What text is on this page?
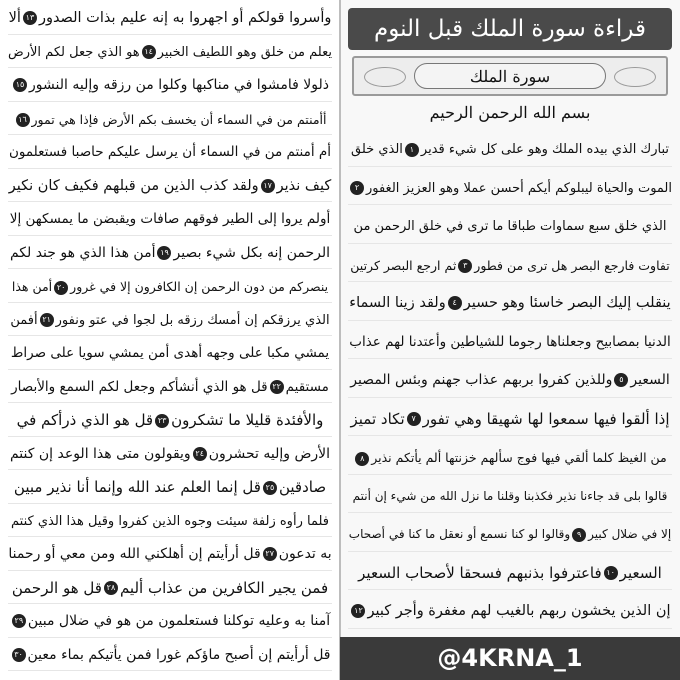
وأسروا قولكم أو اجهروا به إنه عليم بذات الصدور١٣ألا
يعلم من خلق وهو اللطيف الخبير١٤هو الذي جعل لكم الأرض
ذلولا فامشوا في مناكبها وكلوا من رزقه وإليه النشور١٥
أأمنتم من في السماء أن يخسف بكم الأرض فإذا هي تمور١٦
أم أمنتم من في السماء أن يرسل عليكم حاصبا فستعلمون
كيف نذير١٧ولقد كذب الذين من قبلهم فكيف كان نكير
أولم يروا إلى الطير فوقهم صافات ويقبضن ما يمسكهن إلا
الرحمن إنه بكل شيء بصير١٩أمن هذا الذي هو جند لكم
ينصركم من دون الرحمن إن الكافرون إلا في غرور٢٠أمن هذا
الذي يرزقكم إن أمسك رزقه بل لجوا في عتو ونفور٢١أفمن
يمشي مكبا على وجهه أهدى أمن يمشي سويا على صراط
مستقيم٢٢قل هو الذي أنشأكم وجعل لكم السمع والأبصار
والأفئدة قليلا ما تشكرون٢٣قل هو الذي ذرأكم في
الأرض وإليه تحشرون٢٤ويقولون متى هذا الوعد إن كنتم
صادقين٢٥قل إنما العلم عند الله وإنما أنا نذير مبين
فلما رأوه زلفة سيئت وجوه الذين كفروا وقيل هذا الذي كنتم
به تدعون٢٧قل أرأيتم إن أهلكني الله ومن معي أو رحمنا
فمن يجير الكافرين من عذاب أليم٢٨قل هو الرحمن
آمنا به وعليه توكلنا فستعلمون من هو في ضلال مبين٢٩
قل أرأيتم إن أصبح ماؤكم غورا فمن يأتيكم بماء معين٣٠
قراءة سورة الملك قبل النوم
سورة الملك
بسم الله الرحمن الرحيم
تبارك الذي بيده الملك وهو على كل شيء قدير١الذي خلق
الموت والحياة ليبلوكم أيكم أحسن عملا وهو العزيز الغفور٢
الذي خلق سبع سماوات طباقا ما ترى في خلق الرحمن من
تفاوت فارجع البصر هل ترى من فطور٣ثم ارجع البصر كرتين
ينقلب إليك البصر خاسئا وهو حسير٤ولقد زينا السماء
الدنيا بمصابيح وجعلناها رجوما للشياطين وأعتدنا لهم عذاب
السعير٥وللذين كفروا بربهم عذاب جهنم وبئس المصير
إذا ألقوا فيها سمعوا لها شهيقا وهي تفور٧تكاد تميز
من الغيظ كلما ألقي فيها فوج سألهم خزنتها ألم يأتكم نذير٨
قالوا بلى قد جاءنا نذير فكذبنا وقلنا ما نزل الله من شيء إن أنتم
إلا في ضلال كبير٩وقالوا لو كنا نسمع أو نعقل ما كنا في أصحاب
السعير١٠فاعترفوا بذنبهم فسحقا لأصحاب السعير
إن الذين يخشون ربهم بالغيب لهم مغفرة وأجر كبير١٢
@4KRNA_1
